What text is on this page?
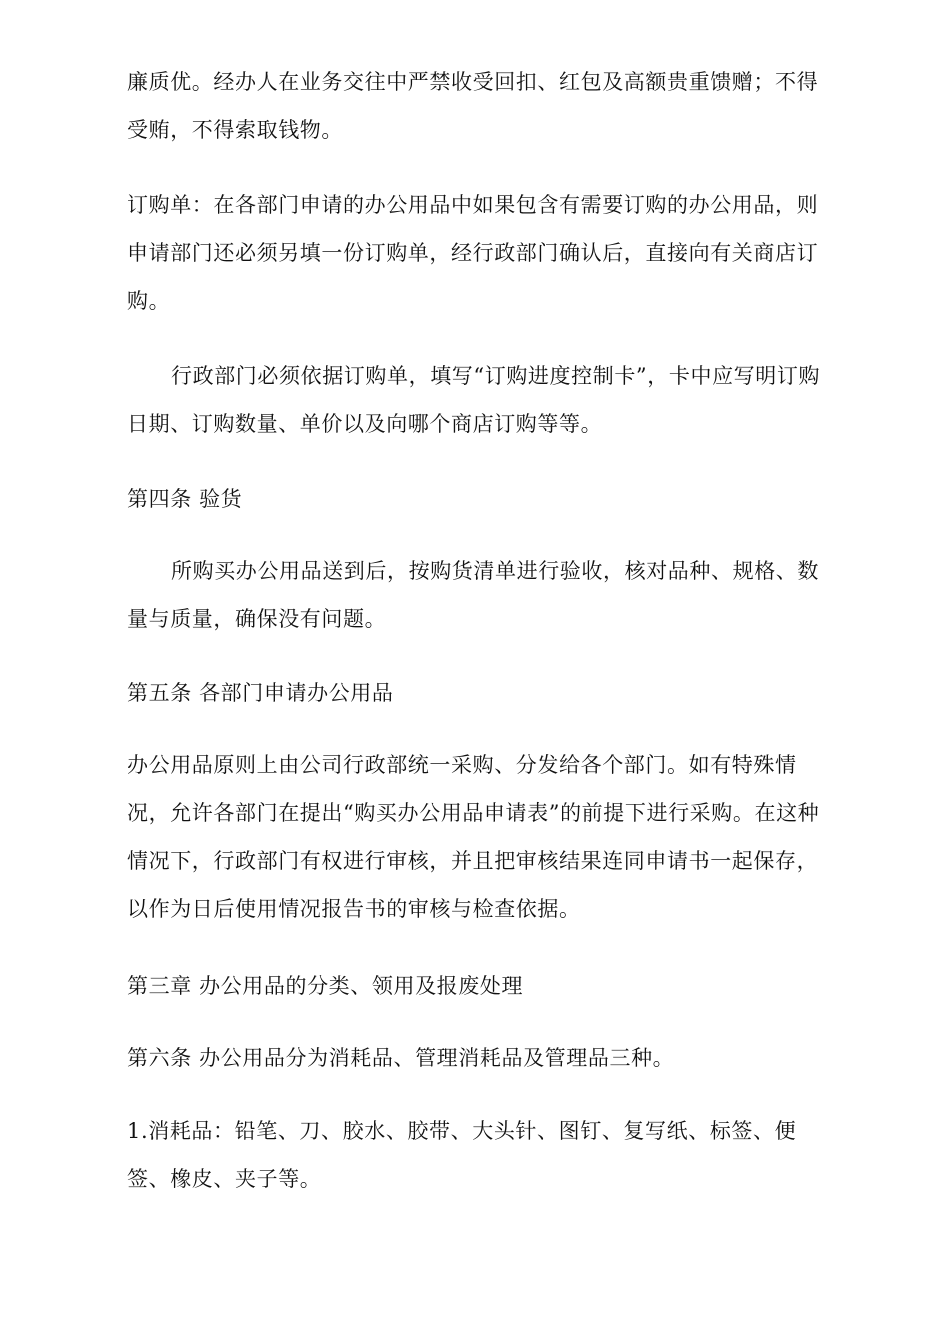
廉质优。经办人在业务交往中严禁收受回扣、红包及高额贵重馈赠；不得受贿，不得索取钱物。
订购单：在各部门申请的办公用品中如果包含有需要订购的办公用品，则申请部门还必须另填一份订购单，经行政部门确认后，直接向有关商店订购。
行政部门必须依据订购单，填写“订购进度控制卡”，卡中应写明订购日期、订购数量、单价以及向哪个商店订购等等。
第四条 验货
所购买办公用品送到后，按购货清单进行验收，核对品种、规格、数量与质量，确保没有问题。
第五条 各部门申请办公用品
办公用品原则上由公司行政部统一采购、分发给各个部门。如有特殊情况，允许各部门在提出“购买办公用品申请表”的前提下进行采购。在这种情况下，行政部门有权进行审核，并且把审核结果连同申请书一起保存，以作为日后使用情况报告书的审核与检查依据。
第三章 办公用品的分类、领用及报废处理
第六条 办公用品分为消耗品、管理消耗品及管理品三种。
1.消耗品：铅笔、刀、胶水、胶带、大头针、图钉、复写纸、标签、便签、橡皮、夹子等。
